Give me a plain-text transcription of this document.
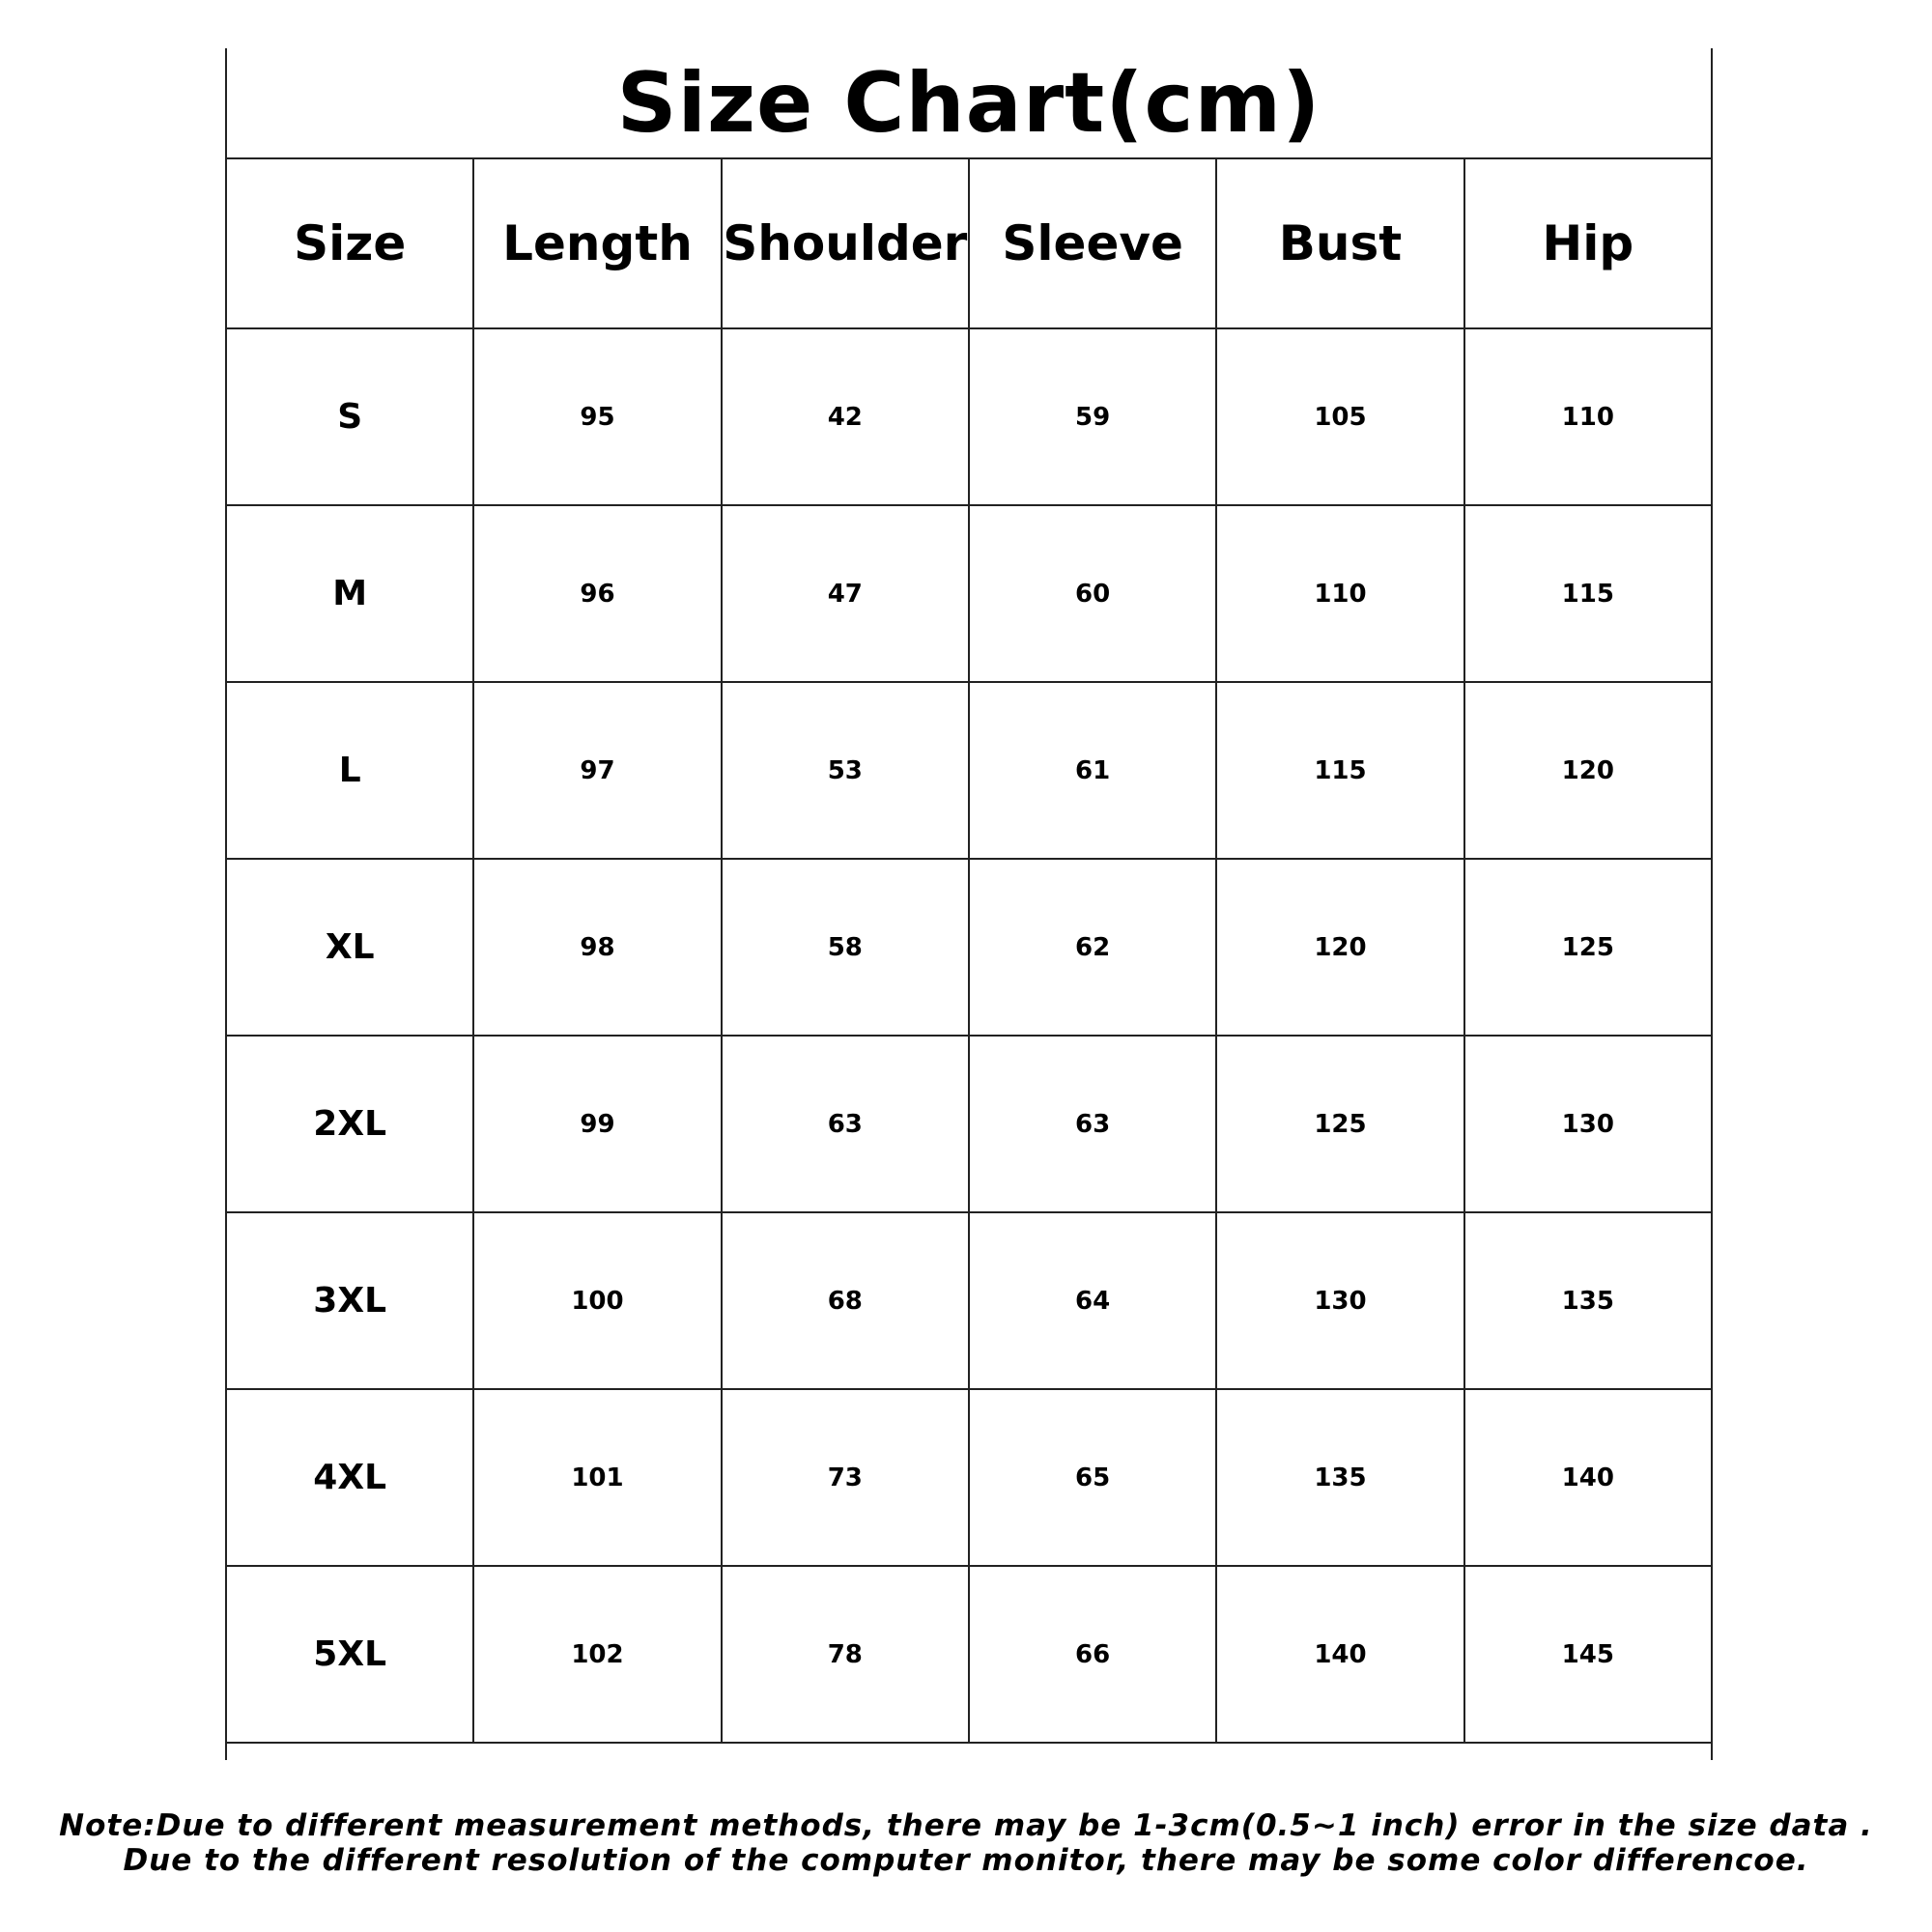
Size Chart(cm)
Size	Length	Shoulder	Sleeve	Bust	Hip
S	95	42	59	105	110
M	96	47	60	110	115
L	97	53	61	115	120
XL	98	58	62	120	125
2XL	99	63	63	125	130
3XL	100	68	64	130	135
4XL	101	73	65	135	140
5XL	102	78	66	140	145
Note:Due to different measurement methods, there may be 1-3cm(0.5~1 inch) error in the size data .
Due to the different resolution of the computer monitor, there may be some color differencoe.
